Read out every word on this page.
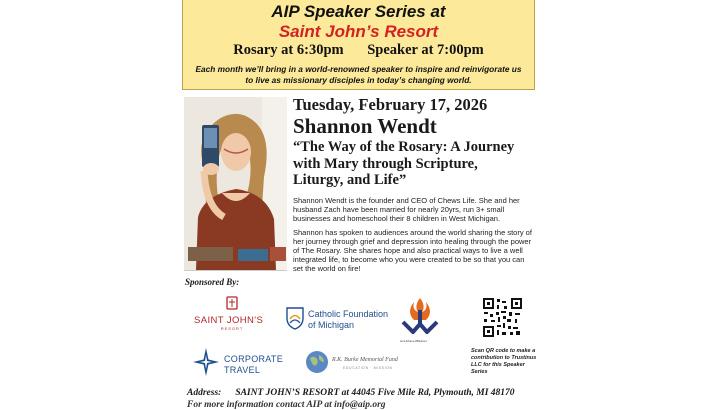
AIP Speaker Series at
Saint John’s Resort
Rosary at 6:30pm Speaker at 7:00pm
Each month we’ll bring in a world-renowned speaker to inspire and reinvigorate us to live as missionary disciples in today’s changing world.
Tuesday, February 17, 2026
Shannon Wendt
“The Way of the Rosary: A Journey with Mary through Scripture, Liturgy, and Life”

Shannon Wendt is the founder and CEO of Chews Life. She and her husband Zach have been married for nearly 20yrs, run 3+ small businesses and homeschool their 8 children in West Michigan.

Shannon has spoken to audiences around the world sharing the story of her journey through grief and depression into healing through the power of The Rosary. She shares hope and also practical ways to live a well integrated life, to become who you were created to be so that you can set the world on fire!

Sponsored By:
SAINT JOHN'S
RESORT
Catholic Foundation
of Michigan
AveSharedBasket
CORPORATE
TRAVEL
R.K. Burke Memorial Fund
EDUCATION · MISSION
Scan QR code to make a contribution to Trustinus LLC for this Speaker Series
Address: SAINT JOHN’S RESORT at 44045 Five Mile Rd, Plymouth, MI 48170
For more information contact AIP at info@aip.org
